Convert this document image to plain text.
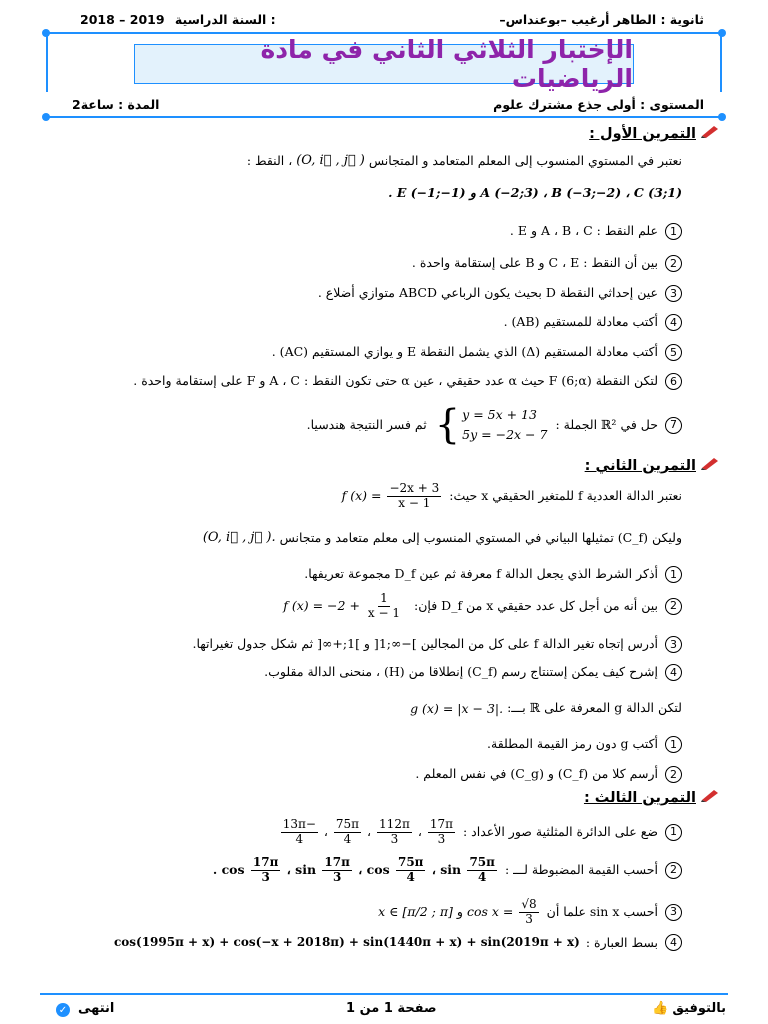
ثانوية : الطاهر أرغيب –بوعنداس–
2018 – 2019 السنة الدراسية :
الإختبار الثلاثي الثاني في مادة الرياضيات
المستوى : أولى جذع مشترك علوم
المدة : ساعة2
التمرين الأول :
نعتبر في المستوي المنسوب إلى المعلم المتعامد و المتجانس (O, i⃗ , j⃗ ) ، النقط :
A (−2;3) ، B (−3;−2) ، C (3;1) و E (−1;−1) .
1علم النقط : A ، B ، C و E .
2بين أن النقط : C ، E و B على إستقامة واحدة .
3عين إحداثي النقطة D بحيث يكون الرباعي ABCD متوازي أضلاع .
4أكتب معادلة للمستقيم (AB) .
5أكتب معادلة المستقيم (Δ) الذي يشمل النقطة E و يوازي المستقيم (AC) .
6لتكن النقطة F (6;α) حيث α عدد حقيقي ، عين α حتى تكون النقط : A ، C و F على إستقامة واحدة .
7
حل في

ℝ²

الجملة :
{ y = 5x + 13
5y = −2x − 7
ثم فسر النتيجة هندسيا.
التمرين الثاني :
نعتبر الدالة العددية f للمتغير الحقيقي x حيث:
f $(x) = \frac{-2x + 3}{x - 1}$
وليكن (C_f) تمثيلها البياني في المستوي المنسوب إلى معلم متعامد و متجانس (O, i⃗ , j⃗ ).
1أذكر الشرط الذي يجعل الدالة f معرفة ثم عين D_f مجموعة تعريفها.
2
بين أنه من أجل كل عدد حقيقي x من D_f فإن:
f $(x) = -2 + \frac{1}{x - 1}$
3أدرس إتجاه تغير الدالة f على كل من المجالين ]−∞;1[ و ]1;+∞[ ثم شكل جدول تغيراتها.
4إشرح كيف يمكن إستنتاج رسم (C_f) إنطلاقا من (H) ، منحنى الدالة مقلوب.
لتكن الدالة g المعرفة على ℝ بـــ: g (x) = |x − 3|.
1أكتب g دون رمز القيمة المطلقة.
2أرسم كلا من (C_f) و (C_g) في نفس المعلم .
التمرين الثالث :
1
ضع على الدائرة المثلثية صور الأعداد :
$\frac{17\pi}{3}$
،
$\frac{112\pi}{3}$
،
$\frac{75\pi}{4}$
،
$\frac{-13\pi}{4}$
2
أحسب القيمة المضبوطة لـــ :
sin
$\frac{75\pi}{4}$
،
cos
$\frac{75\pi}{4}$
،
sin
$\frac{17\pi}{3}$
،
cos
$\frac{17\pi}{3}$
.
3
أحسب sin x علما أن
$\cos x = \frac{√8}{3}$
و
x ∈ [π/2 ; π]
4
بسط العبارة :
cos(1995π + x) + cos(−x + 2018π) + sin(1440π + x) + sin(2019π + x)
بالتوفيق
👍
صفحة 1 من 1
انتهى
✓
